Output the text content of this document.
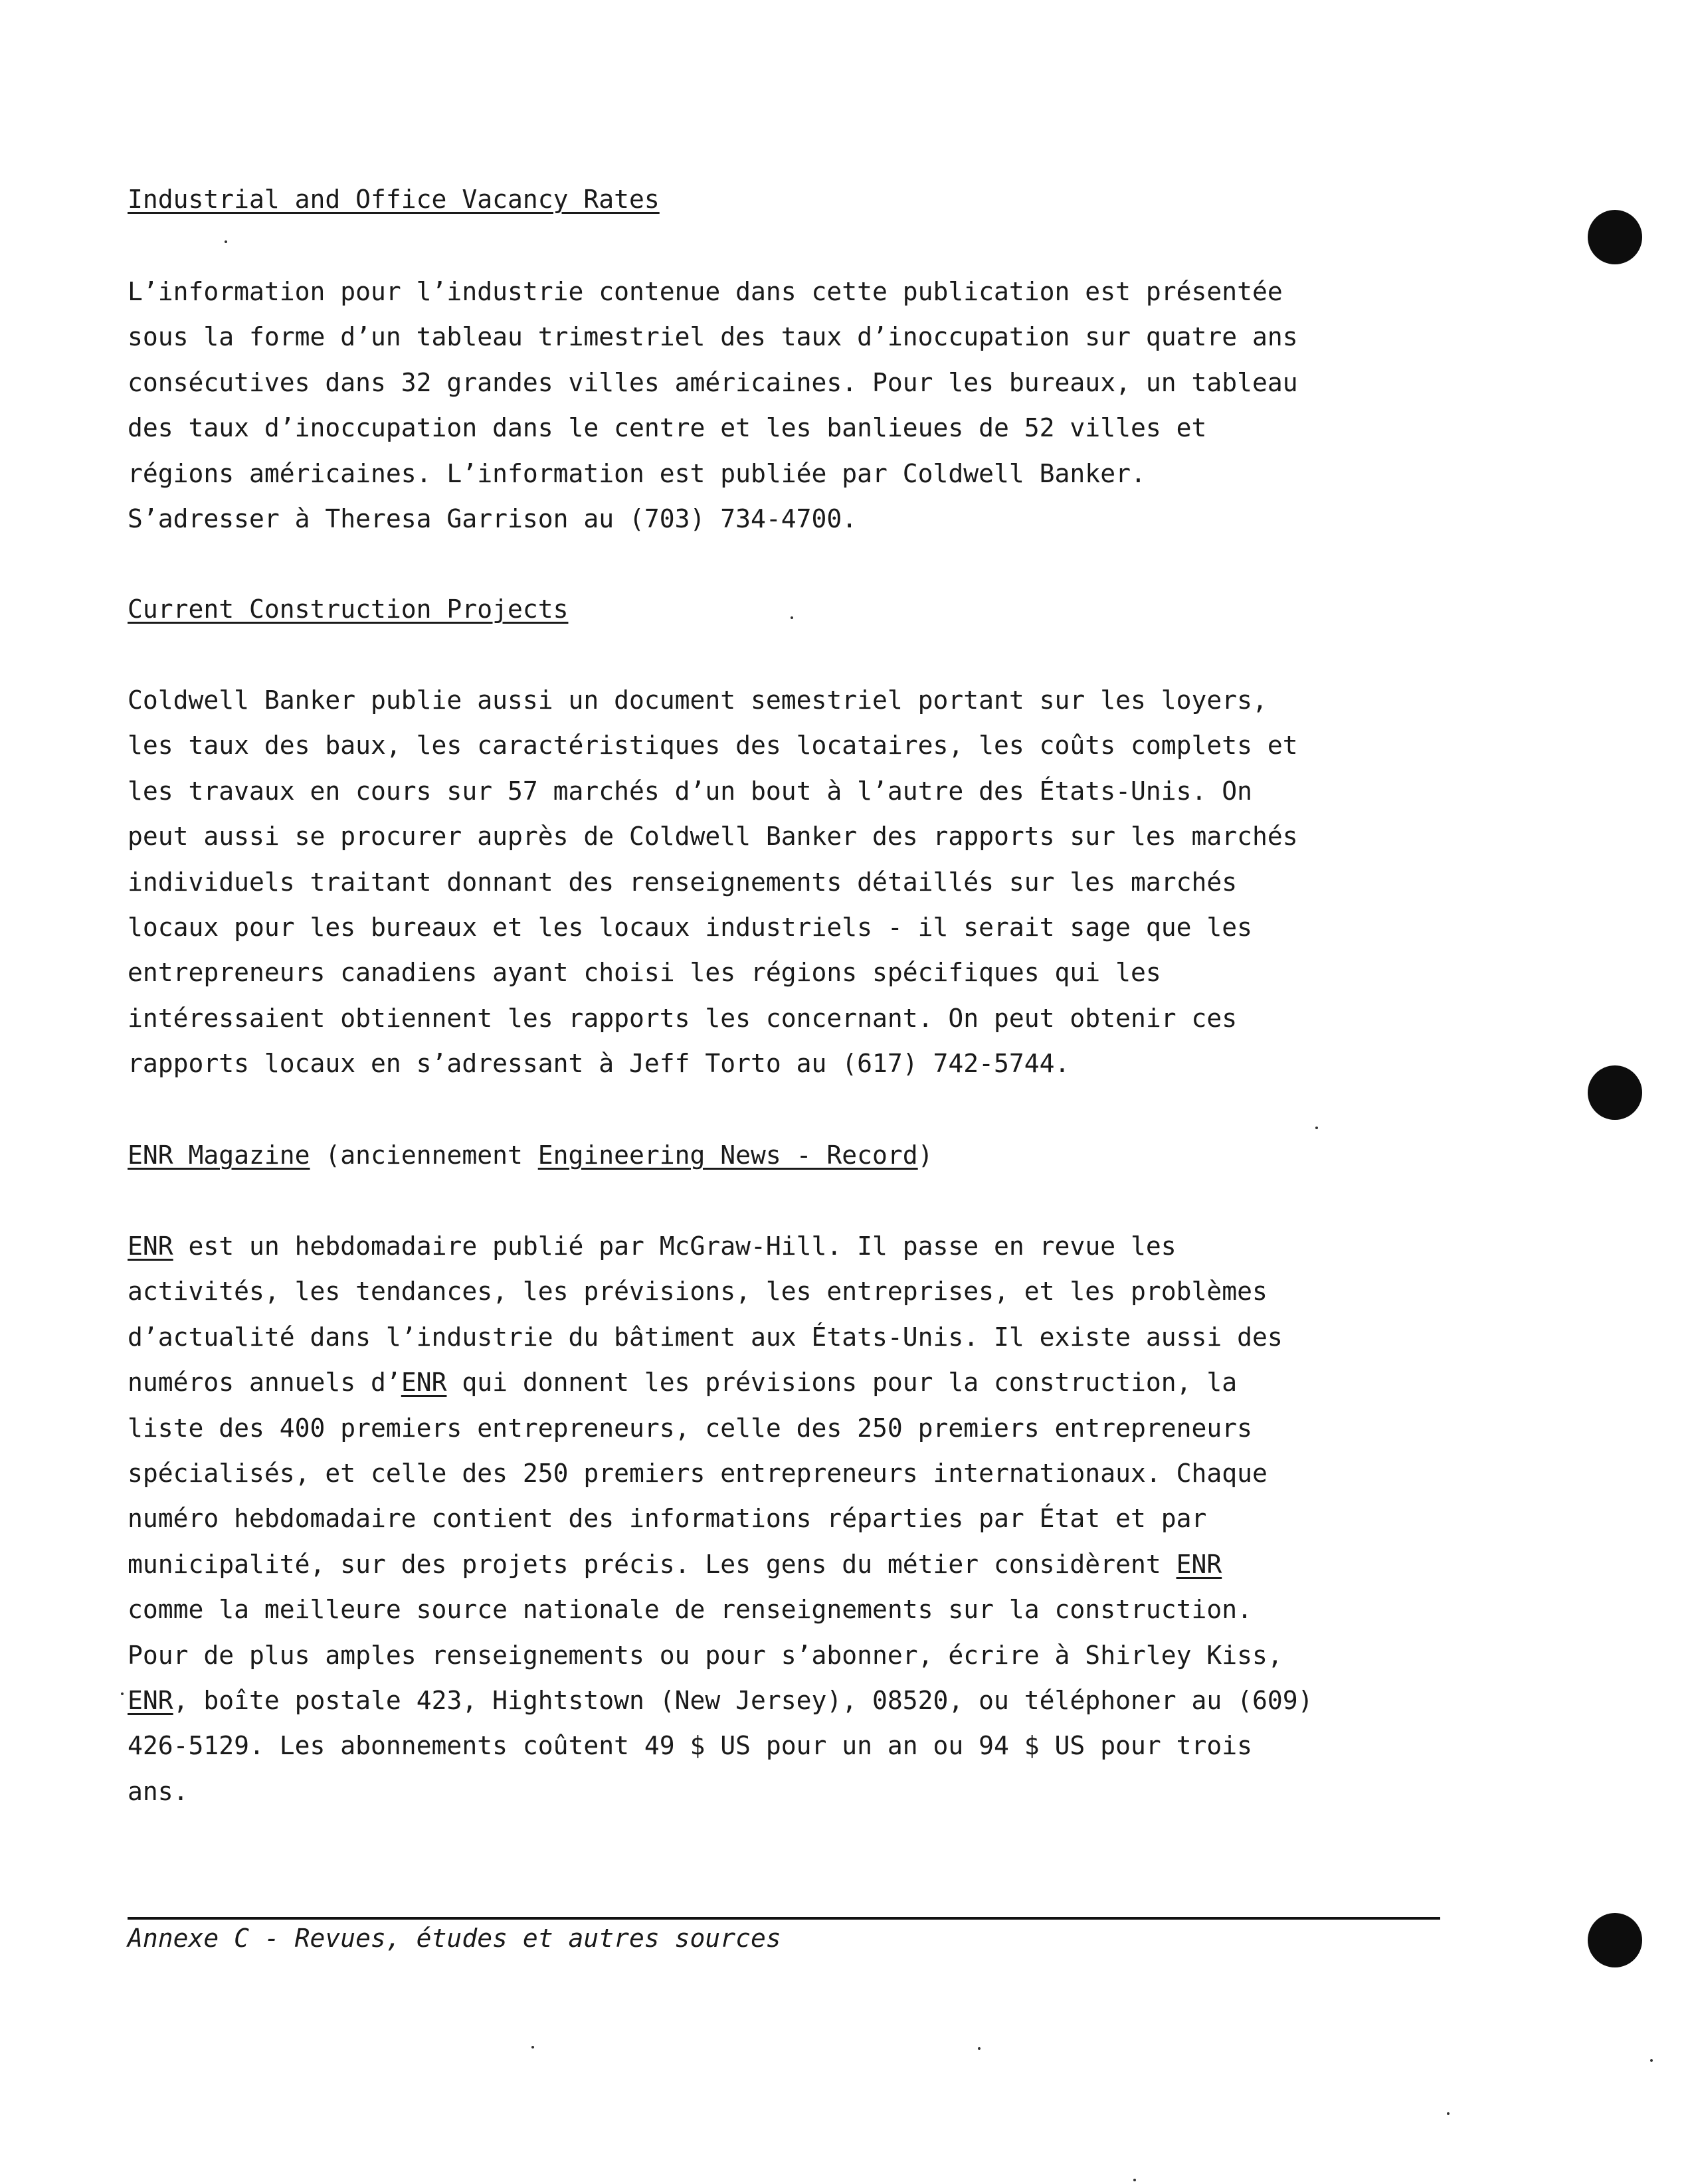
Industrial and Office Vacancy Rates
L’information pour l’industrie contenue dans cette publication est présentée
sous la forme d’un tableau trimestriel des taux d’inoccupation sur quatre ans
consécutives dans 32 grandes villes américaines. Pour les bureaux, un tableau
des taux d’inoccupation dans le centre et les banlieues de 52 villes et
régions américaines. L’information est publiée par Coldwell Banker.
S’adresser à Theresa Garrison au (703) 734-4700.
Current Construction Projects
Coldwell Banker publie aussi un document semestriel portant sur les loyers,
les taux des baux, les caractéristiques des locataires, les coûts complets et
les travaux en cours sur 57 marchés d’un bout à l’autre des États-Unis. On
peut aussi se procurer auprès de Coldwell Banker des rapports sur les marchés
individuels traitant donnant des renseignements détaillés sur les marchés
locaux pour les bureaux et les locaux industriels - il serait sage que les
entrepreneurs canadiens ayant choisi les régions spécifiques qui les
intéressaient obtiennent les rapports les concernant. On peut obtenir ces
rapports locaux en s’adressant à Jeff Torto au (617) 742-5744.
ENR Magazine (anciennement Engineering News - Record)
ENR est un hebdomadaire publié par McGraw-Hill. Il passe en revue les
activités, les tendances, les prévisions, les entreprises, et les problèmes
d’actualité dans l’industrie du bâtiment aux États-Unis. Il existe aussi des
numéros annuels d’ENR qui donnent les prévisions pour la construction, la
liste des 400 premiers entrepreneurs, celle des 250 premiers entrepreneurs
spécialisés, et celle des 250 premiers entrepreneurs internationaux. Chaque
numéro hebdomadaire contient des informations réparties par État et par
municipalité, sur des projets précis. Les gens du métier considèrent ENR
comme la meilleure source nationale de renseignements sur la construction.
Pour de plus amples renseignements ou pour s’abonner, écrire à Shirley Kiss,
ENR, boîte postale 423, Hightstown (New Jersey), 08520, ou téléphoner au (609)
426-5129. Les abonnements coûtent 49 $ US pour un an ou 94 $ US pour trois
ans.
Annexe C - Revues, études et autres sources
